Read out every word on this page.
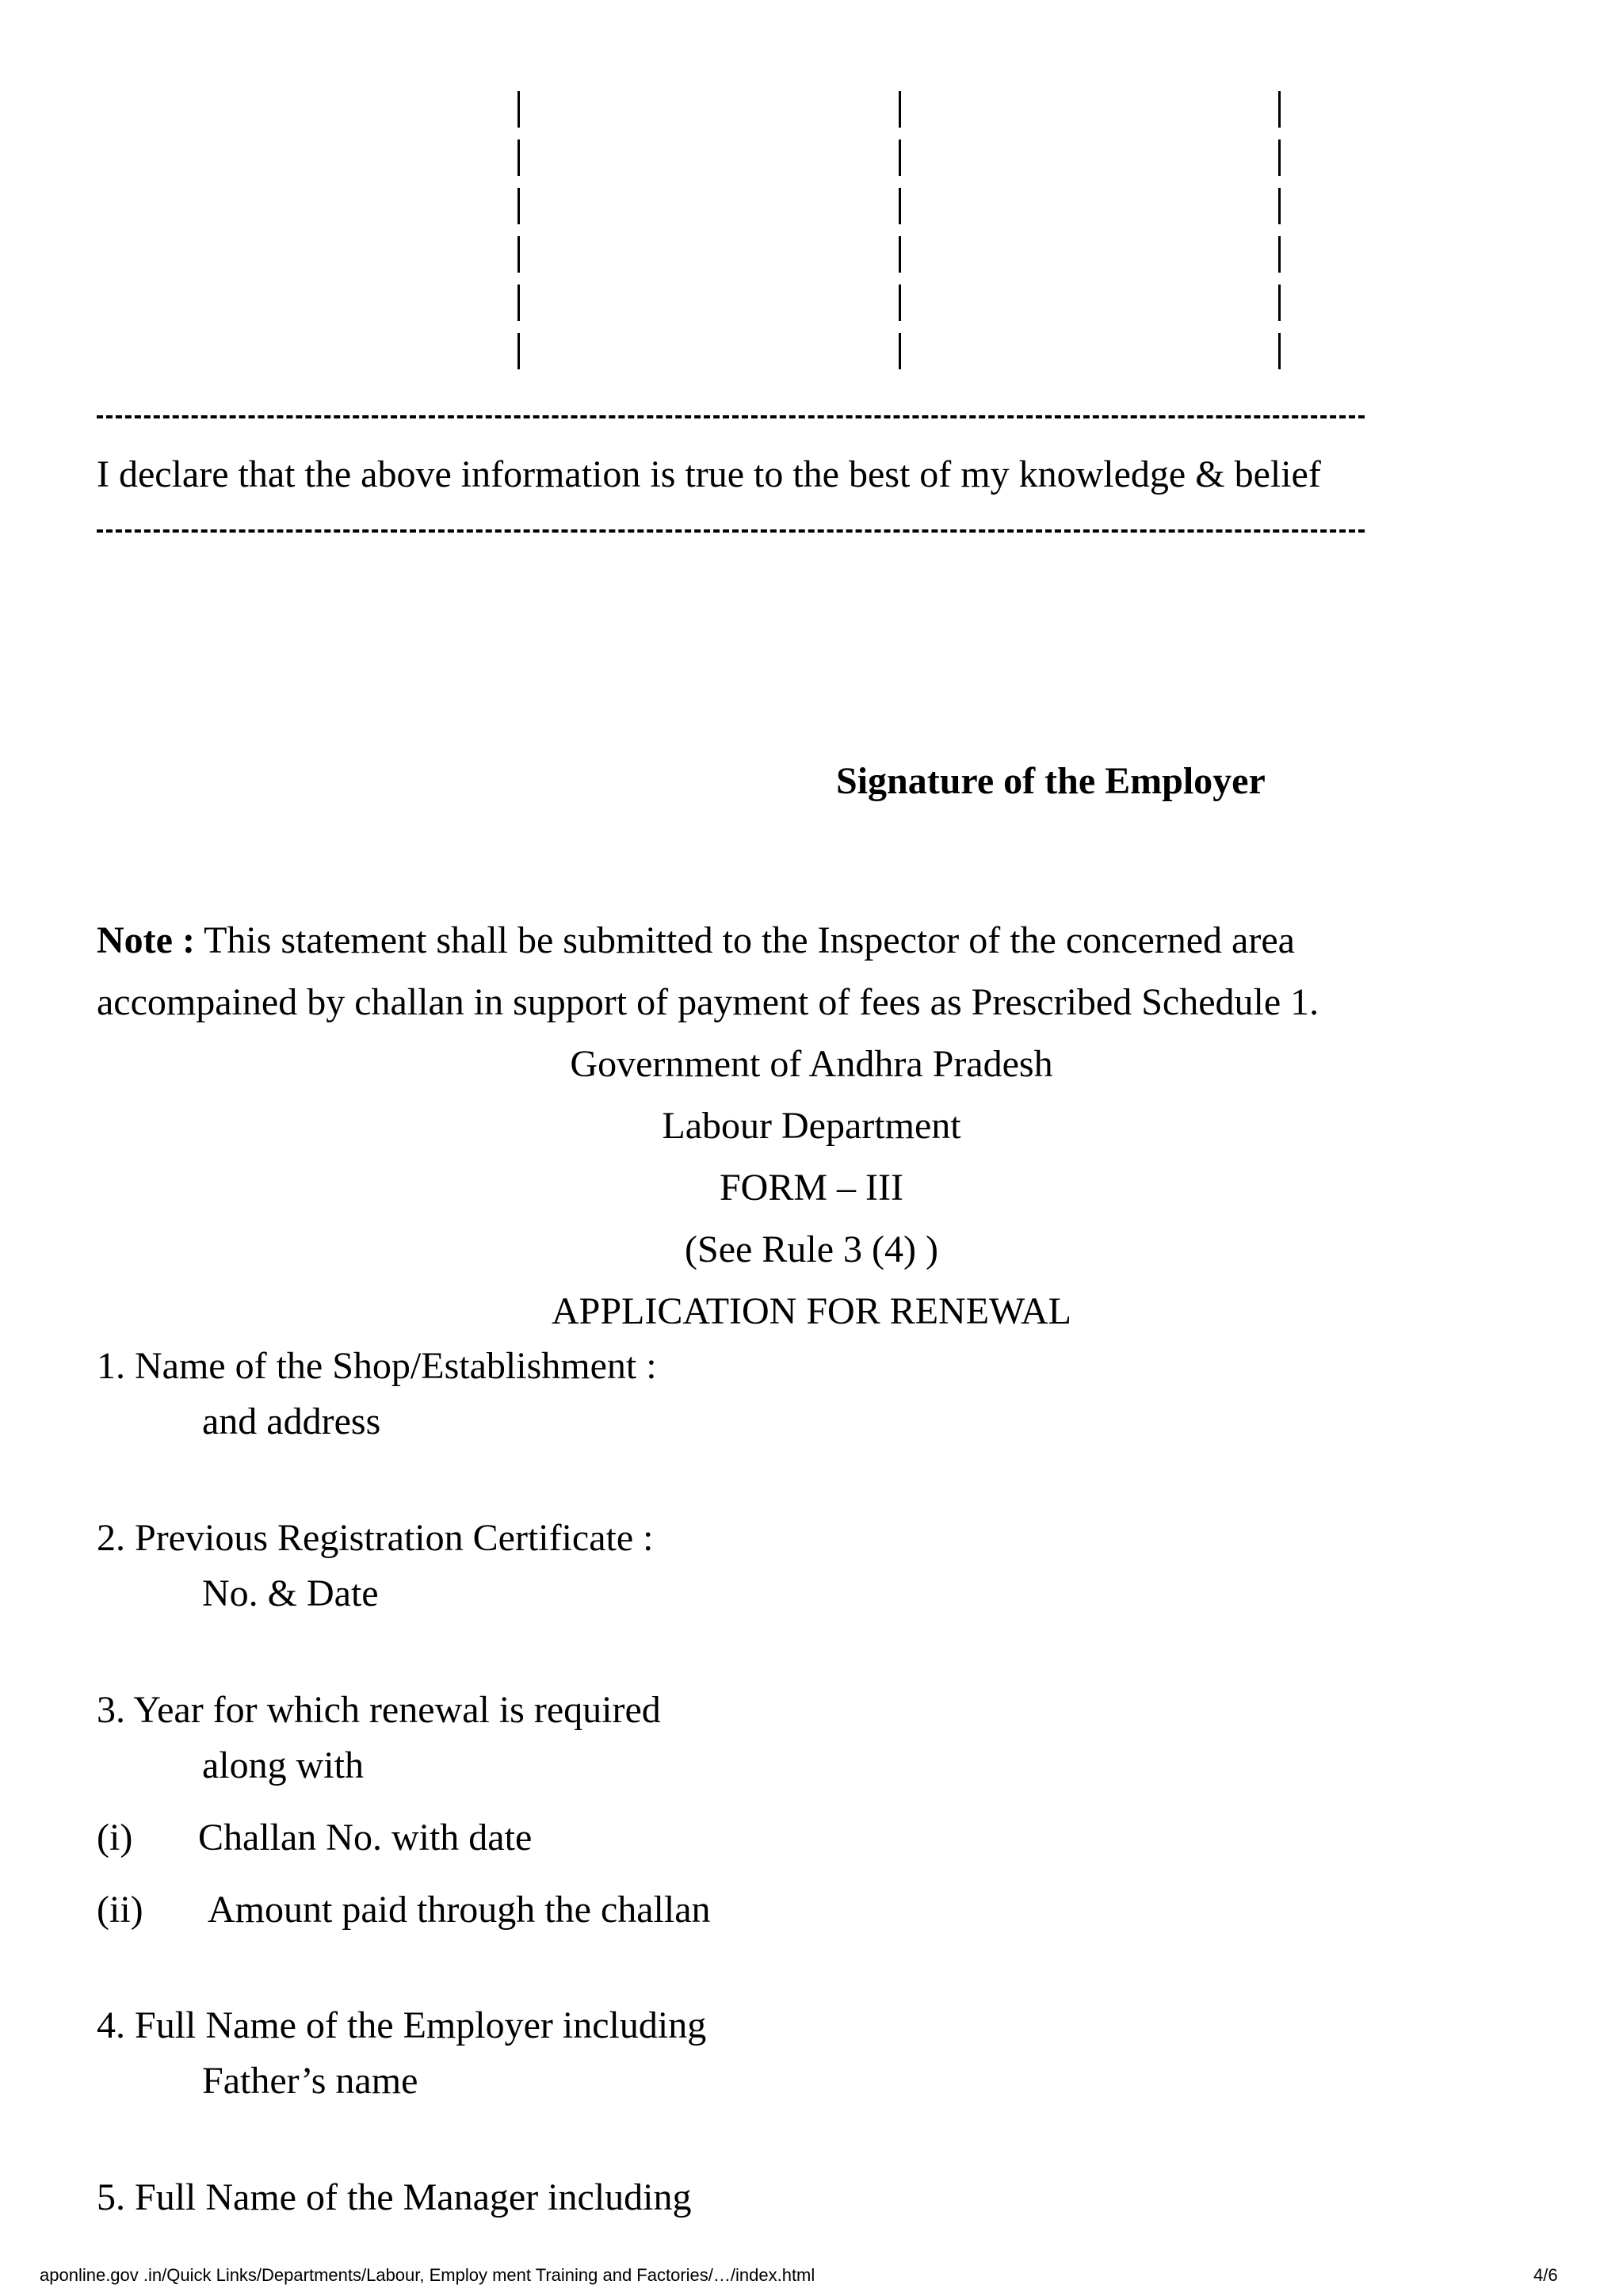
I declare that the above information is true to the best of my knowledge & belief
Signature of the Employer
Note : This statement shall be submitted to the Inspector of the concerned area
accompained by challan in support of payment of fees as Prescribed Schedule 1.
Government of Andhra Pradesh
Labour Department
FORM – III
(See Rule 3 (4) )
APPLICATION FOR RENEWAL
1. Name of the Shop/Establishment :
and address
2. Previous Registration Certificate :
No. & Date
3. Year for which renewal is required
along with
(i) Challan No. with date
(ii) Amount paid through the challan
4. Full Name of the Employer including
Father’s name
5. Full Name of the Manager including
aponline.gov .in/Quick Links/Departments/Labour, Employ ment Training and Factories/…/index.html	4/6
